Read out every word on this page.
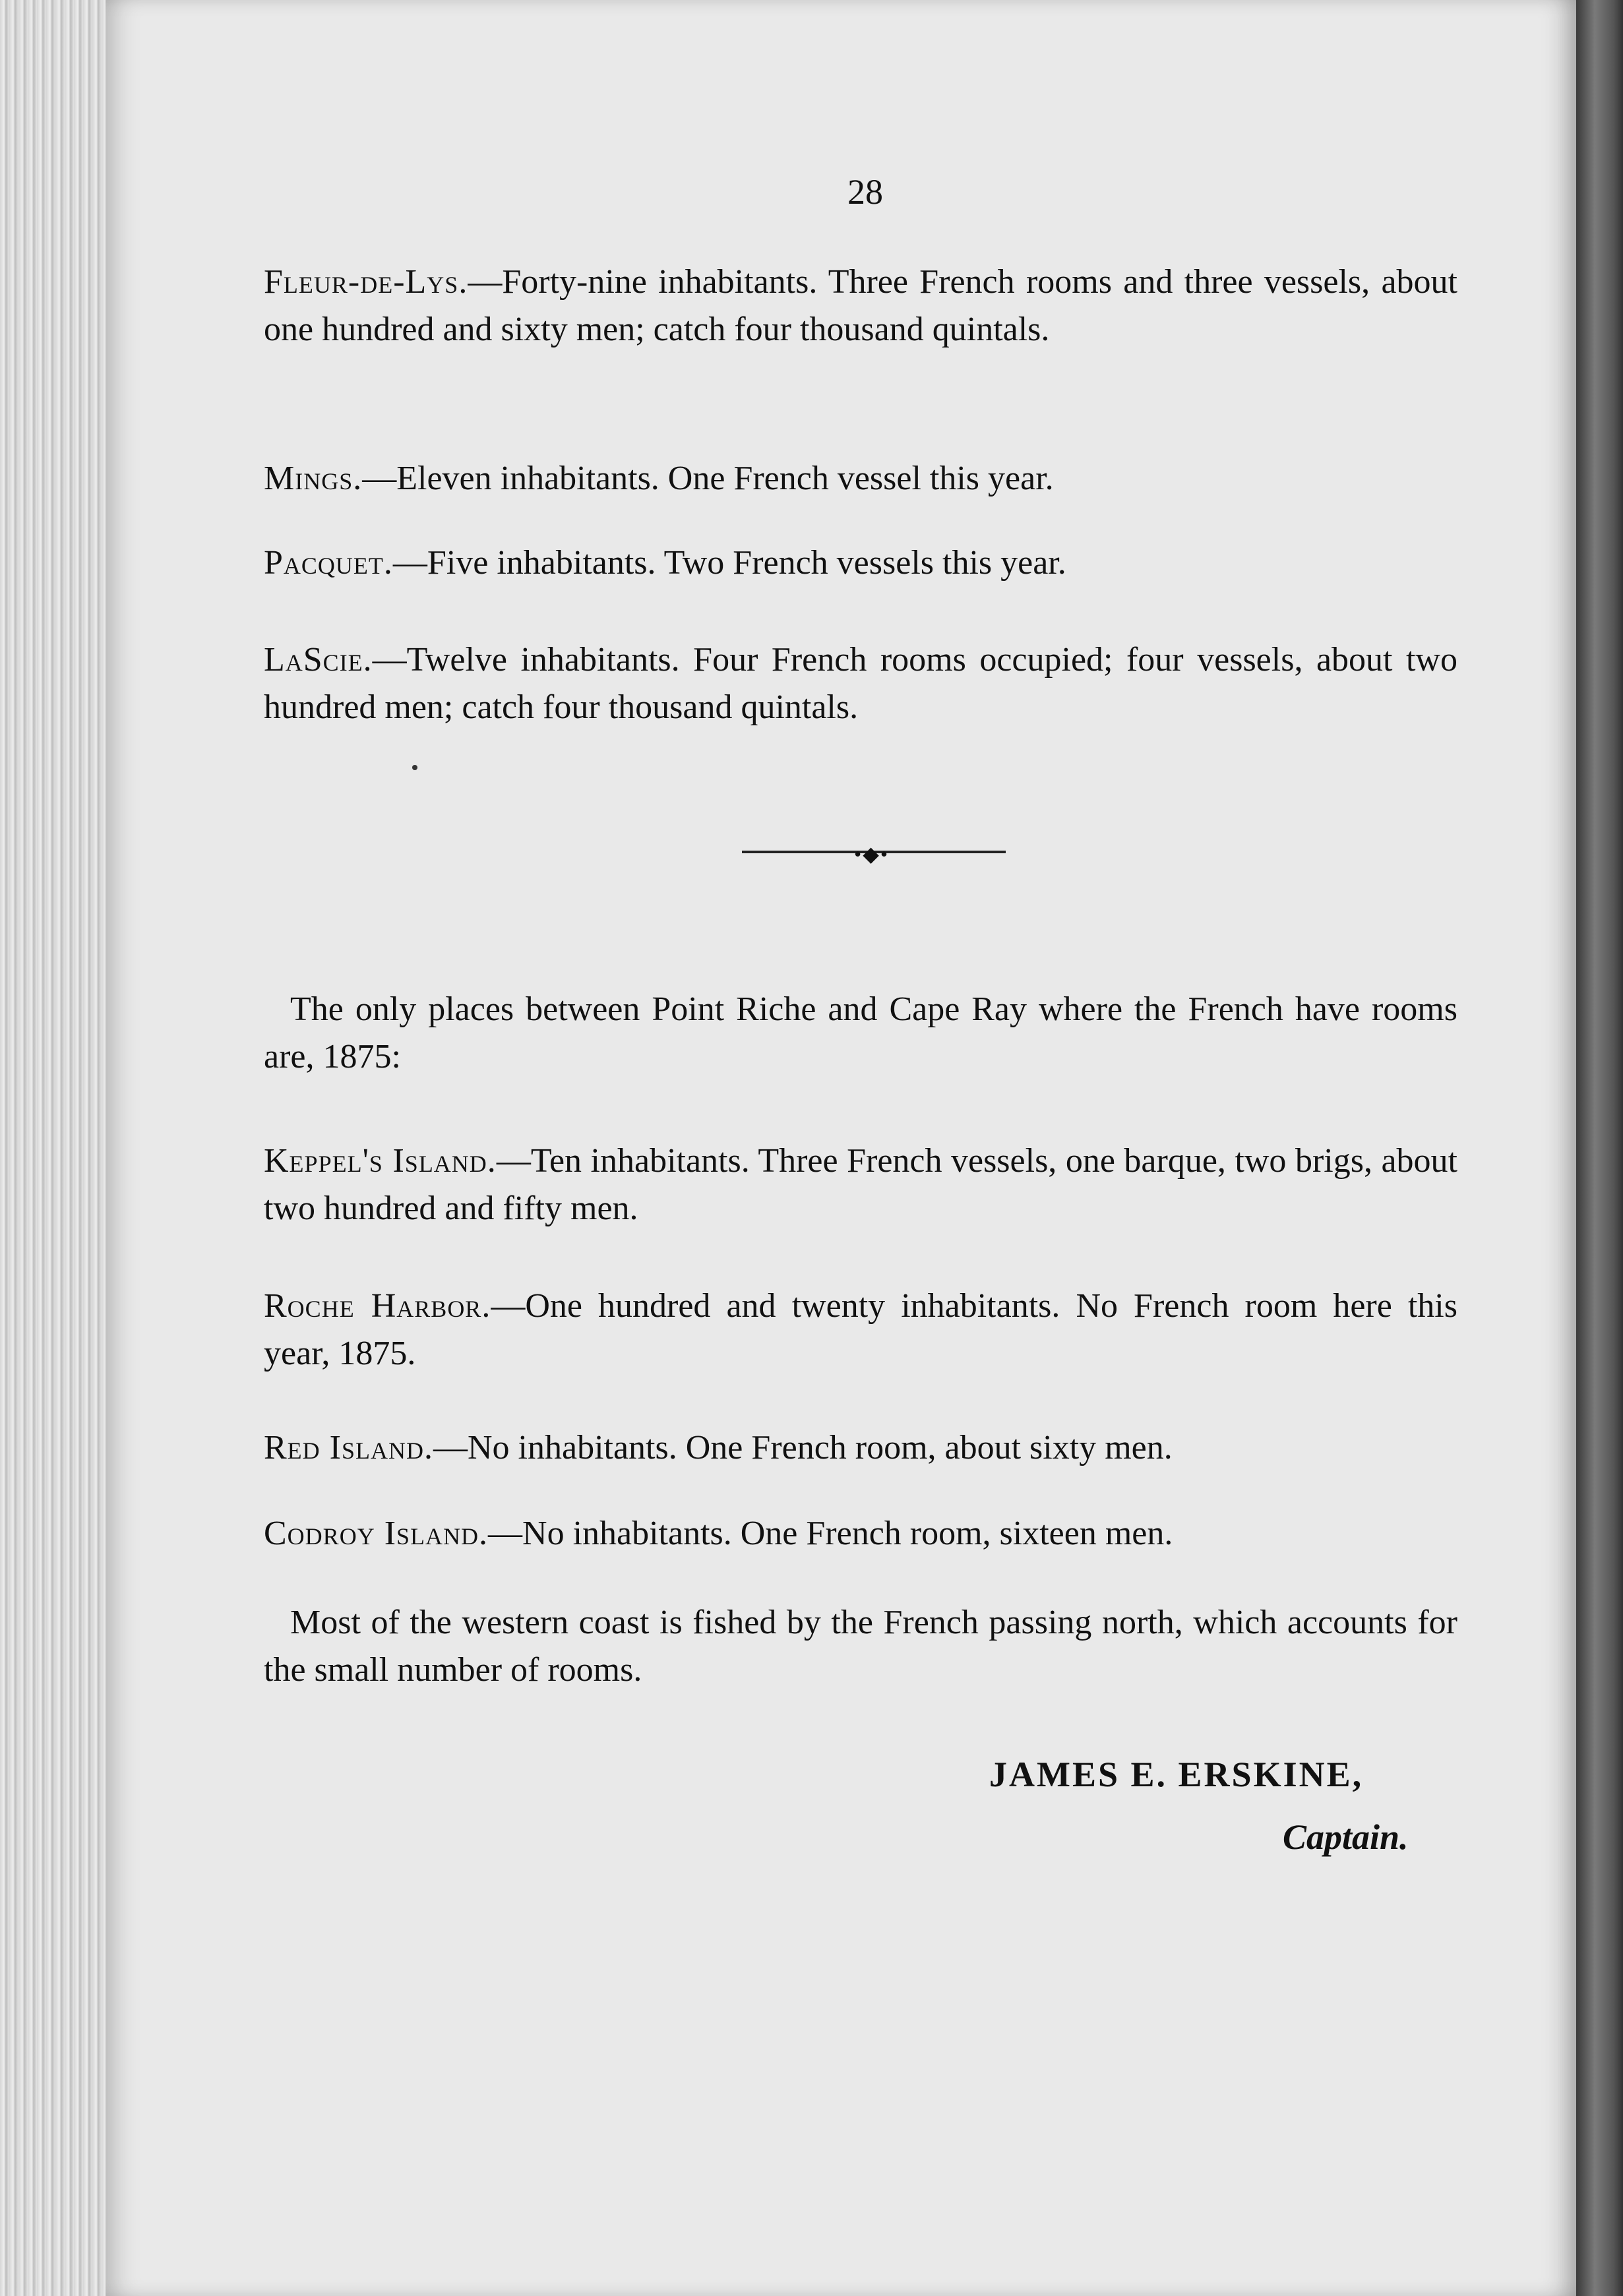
28
Fleur-de-Lys.—Forty-nine inhabitants. Three French rooms and three vessels, about one hundred and sixty men; catch four thousand quintals.
Mings.—Eleven inhabitants. One French vessel this year.
Pacquet.—Five inhabitants. Two French vessels this year.
LaScie.—Twelve inhabitants. Four French rooms occupied; four vessels, about two hundred men; catch four thousand quintals.
•◆•
The only places between Point Riche and Cape Ray where the French have rooms are, 1875:
Keppel's Island.—Ten inhabitants. Three French vessels, one barque, two brigs, about two hundred and fifty men.
Roche Harbor.—One hundred and twenty inhabitants. No French room here this year, 1875.
Red Island.—No inhabitants. One French room, about sixty men.
Codroy Island.—No inhabitants. One French room, sixteen men.
Most of the western coast is fished by the French passing north, which accounts for the small number of rooms.
JAMES E. ERSKINE,
Captain.
